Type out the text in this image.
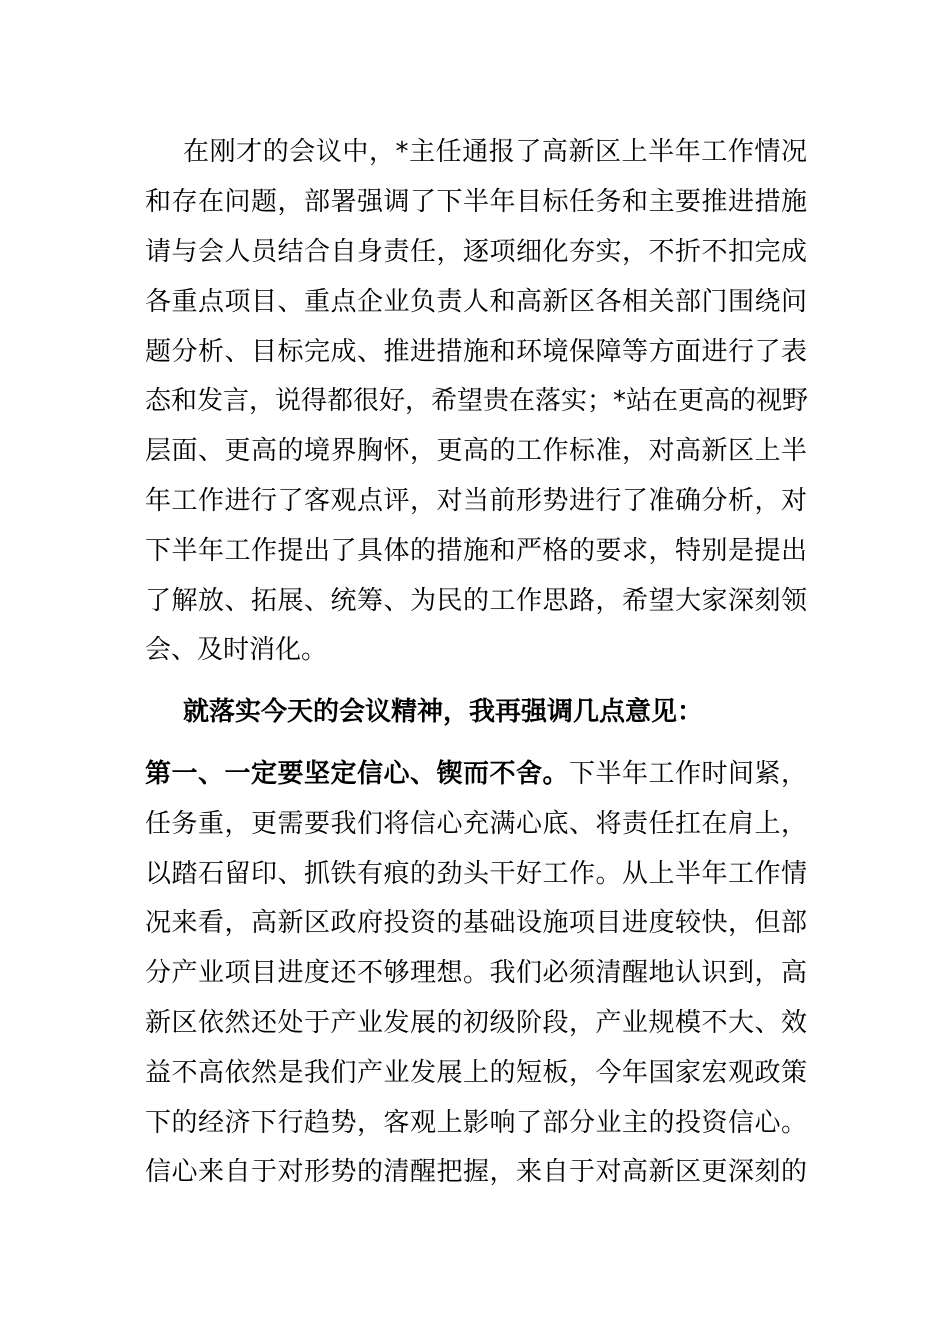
在刚才的会议中，*主任通报了高新区上半年工作情况
和存在问题，部署强调了下半年目标任务和主要推进措施
请与会人员结合自身责任，逐项细化夯实，不折不扣完成
各重点项目、重点企业负责人和高新区各相关部门围绕问
题分析、目标完成、推进措施和环境保障等方面进行了表
态和发言，说得都很好，希望贵在落实；*站在更高的视野
层面、更高的境界胸怀，更高的工作标准，对高新区上半
年工作进行了客观点评，对当前形势进行了准确分析，对
下半年工作提出了具体的措施和严格的要求，特别是提出
了解放、拓展、统筹、为民的工作思路，希望大家深刻领
会、及时消化。
就落实今天的会议精神，我再强调几点意见：
第一、一定要坚定信心、锲而不舍。下半年工作时间紧，
任务重，更需要我们将信心充满心底、将责任扛在肩上，
以踏石留印、抓铁有痕的劲头干好工作。从上半年工作情
况来看，高新区政府投资的基础设施项目进度较快，但部
分产业项目进度还不够理想。我们必须清醒地认识到，高
新区依然还处于产业发展的初级阶段，产业规模不大、效
益不高依然是我们产业发展上的短板，今年国家宏观政策
下的经济下行趋势，客观上影响了部分业主的投资信心。
信心来自于对形势的清醒把握，来自于对高新区更深刻的
